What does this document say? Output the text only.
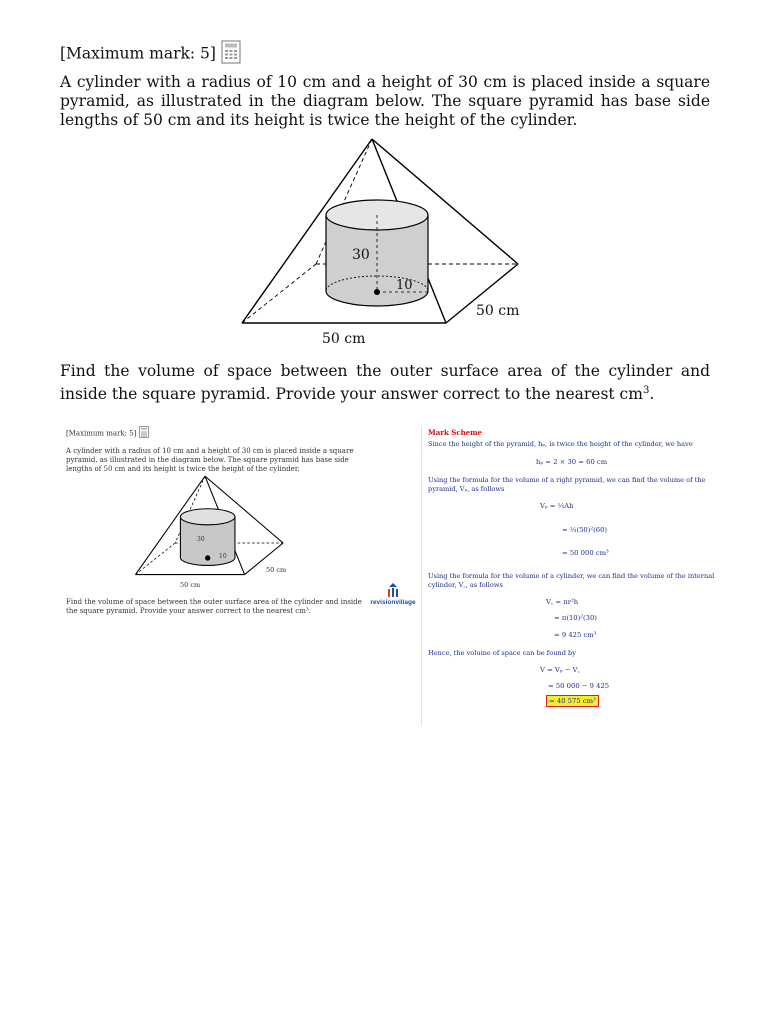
[Maximum mark: 5]
A cylinder with a radius of 10 cm and a height of 30 cm is placed inside a square pyramid, as illustrated in the diagram below. The square pyramid has base side lengths of 50 cm and its height is twice the height of the cylinder.
30
10
50 cm
50 cm
Find the volume of space between the outer surface area of the cylinder and inside the square pyramid. Provide your answer correct to the nearest $cm^3$.
[Maximum mark: 5]
A cylinder with a radius of 10 cm and a height of 30 cm is placed inside a square pyramid, as illustrated in the diagram below. The square pyramid has base side lengths of 50 cm and its height is twice the height of the cylinder.
30
10
50 cm
50 cm
Find the volume of space between the outer surface area of the cylinder and inside the square pyramid. Provide your answer correct to the nearest cm³.
revisionvillage
Mark Scheme
Since the height of the pyramid, hₚ, is twice the height of the cylinder, we have
hₚ = 2 × 30 = 60 cm
Using the formula for the volume of a right pyramid, we can find the volume of the pyramid, Vₚ, as follows
Vₚ = ⅓Ah
= ⅓(50)²(60)
= 50 000 cm³
Using the formula for the volume of a cylinder, we can find the volume of the internal cylinder, V꜀, as follows
V꜀ = πr²h
= π(10)²(30)
≈ 9 425 cm³
Hence, the volume of space can be found by
V = Vₚ − V꜀
= 50 000 − 9 425
= 40 575 cm³
